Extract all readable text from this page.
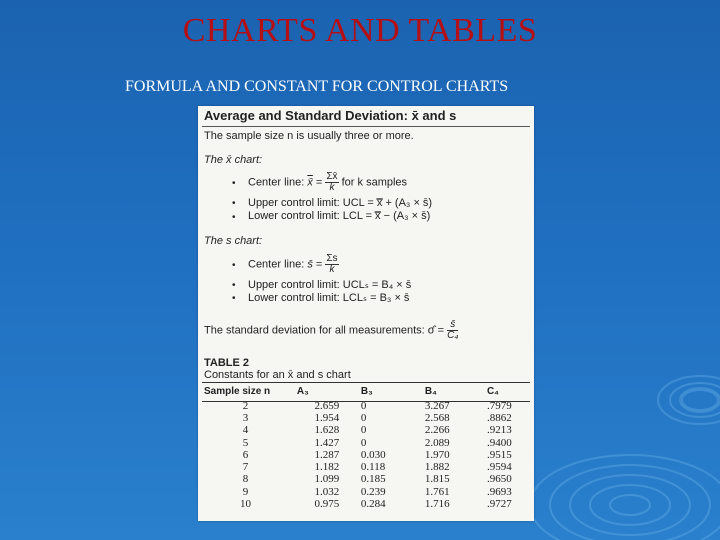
CHARTS AND TABLES
FORMULA AND CONSTANT FOR CONTROL CHARTS
Average and Standard Deviation: x̄ and s
The sample size n is usually three or more.
The x̄ chart:
• Center line: x̄ = $\frac{\Sigma x̄}{k}$ for k samples
• Upper control limit: UCL = x̿ + (A₃ × s̄)
• Lower control limit: LCL = x̿ − (A₃ × s̄)
The s chart:
• Center line: s̄ = $\frac{\Sigma s}{k}$
• Upper control limit: UCLₛ = B₄ × s̄
• Lower control limit: LCLₛ = B₃ × s̄
The standard deviation for all measurements: σ̂ = $\frac{s̄}{\text{C₄}}$
TABLE 2
Constants for an x̄ and s chart
Sample size n	A₃	B₃	B₄	C₄
2	2.659	0	3.267	.7979
3	1.954	0	2.568	.8862
4	1.628	0	2.266	.9213
5	1.427	0	2.089	.9400
6	1.287	0.030	1.970	.9515
7	1.182	0.118	1.882	.9594
8	1.099	0.185	1.815	.9650
9	1.032	0.239	1.761	.9693
10	0.975	0.284	1.716	.9727
